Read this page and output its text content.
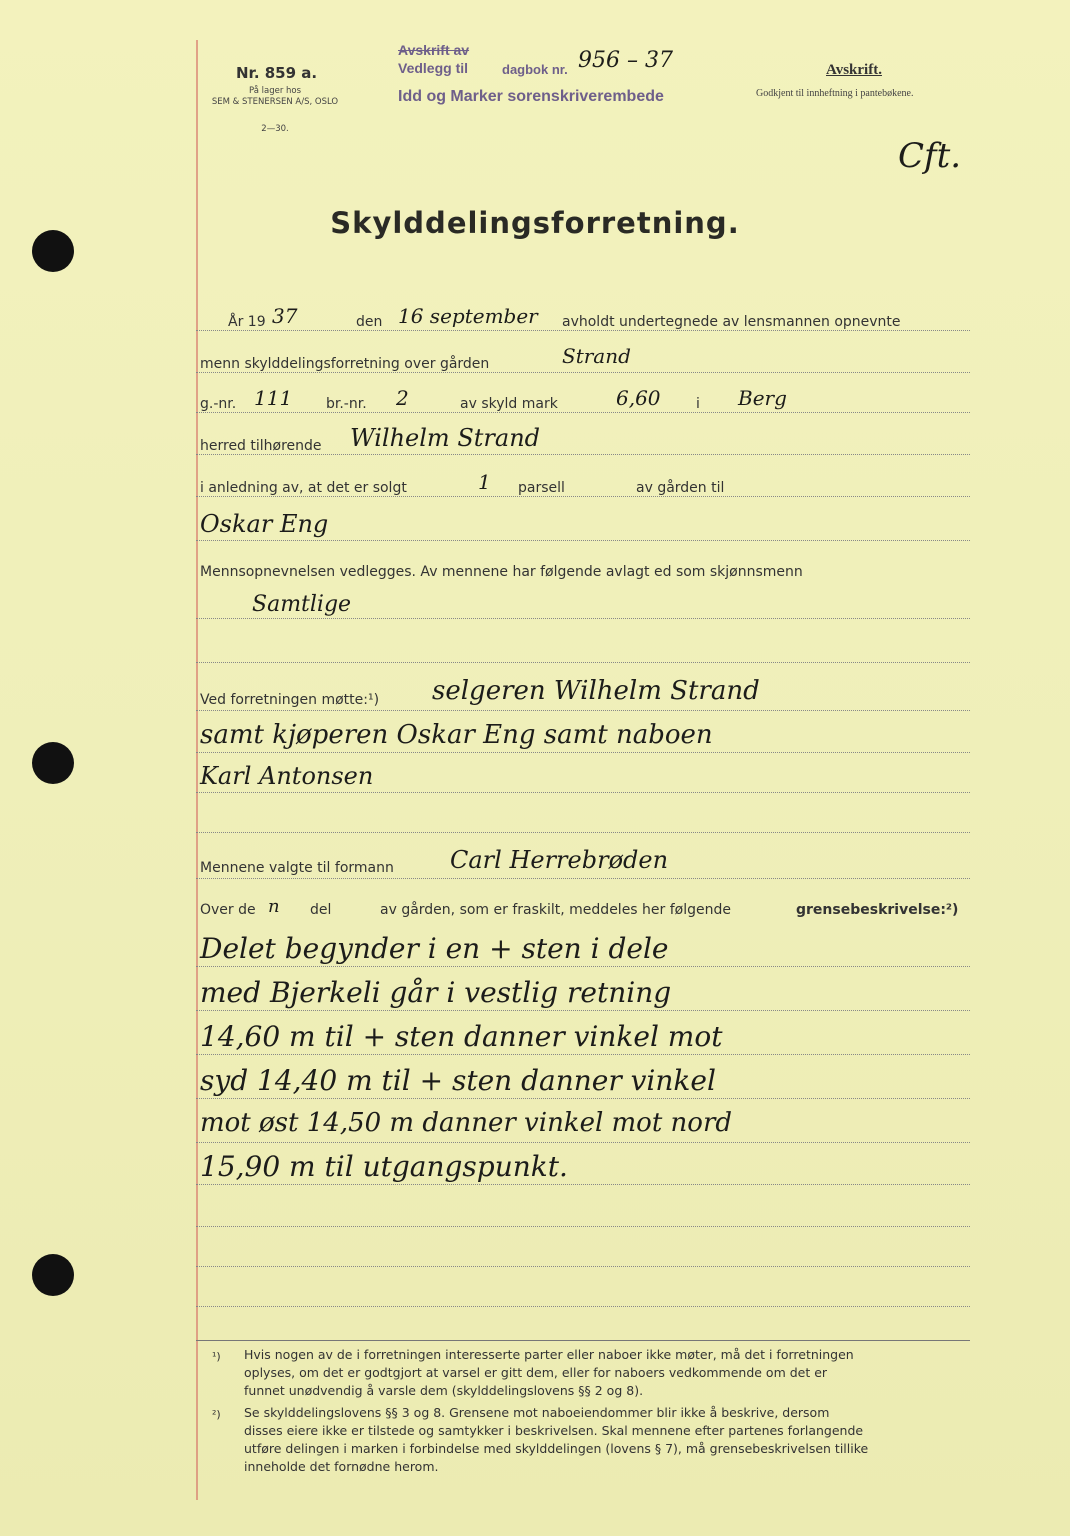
Nr. 859 a.
På lager hos
SEM & STENERSEN A/S, OSLO
2—30.
Avskrift av
Vedlegg til	dagbok nr. 956 – 37
Idd og Marker sorenskriverembede
Avskrift.
Godkjent til innheftning i pantebøkene.
Cft.
Skylddelingsforretning.
År 19 37	den 16 september avholdt undertegnede av lensmannen opnevnte
menn skylddelingsforretning over gården	Strand
g.-nr. 111 br.-nr. 2	av skyld mark	6,60	i Berg
herred tilhørende Wilhelm Strand
i anledning av, at det er solgt	1 parsell	av gården til
Oskar Eng
Mennsopnevnelsen vedlegges. Av mennene har følgende avlagt ed som skjønnsmenn
Samtlige
Ved forretningen møtte:¹) selgeren Wilhelm Strand
samt kjøperen Oskar Eng samt naboen
Karl Antonsen
Mennene valgte til formann Carl Herrebrøden
Over de n del	av gården, som er fraskilt, meddeles her følgende	grensebeskrivelse:²)
Delet begynder i en + sten i dele
med Bjerkeli går i vestlig retning
14,60 m til + sten danner vinkel mot
syd 14,40 m til + sten danner vinkel
mot øst 14,50 m danner vinkel mot nord
15,90 m til utgangspunkt.
¹) Hvis nogen av de i forretningen interesserte parter eller naboer ikke møter, må det i forretningen
oplyses, om det er godtgjort at varsel er gitt dem, eller for naboers vedkommende om det er
funnet unødvendig å varsle dem (skylddelingslovens §§ 2 og 8).
²) Se skylddelingslovens §§ 3 og 8. Grensene mot naboeiendommer blir ikke å beskrive, dersom
disses eiere ikke er tilstede og samtykker i beskrivelsen. Skal mennene efter partenes forlangende
utføre delingen i marken i forbindelse med skylddelingen (lovens § 7), må grensebeskrivelsen tillike
inneholde det fornødne herom.
